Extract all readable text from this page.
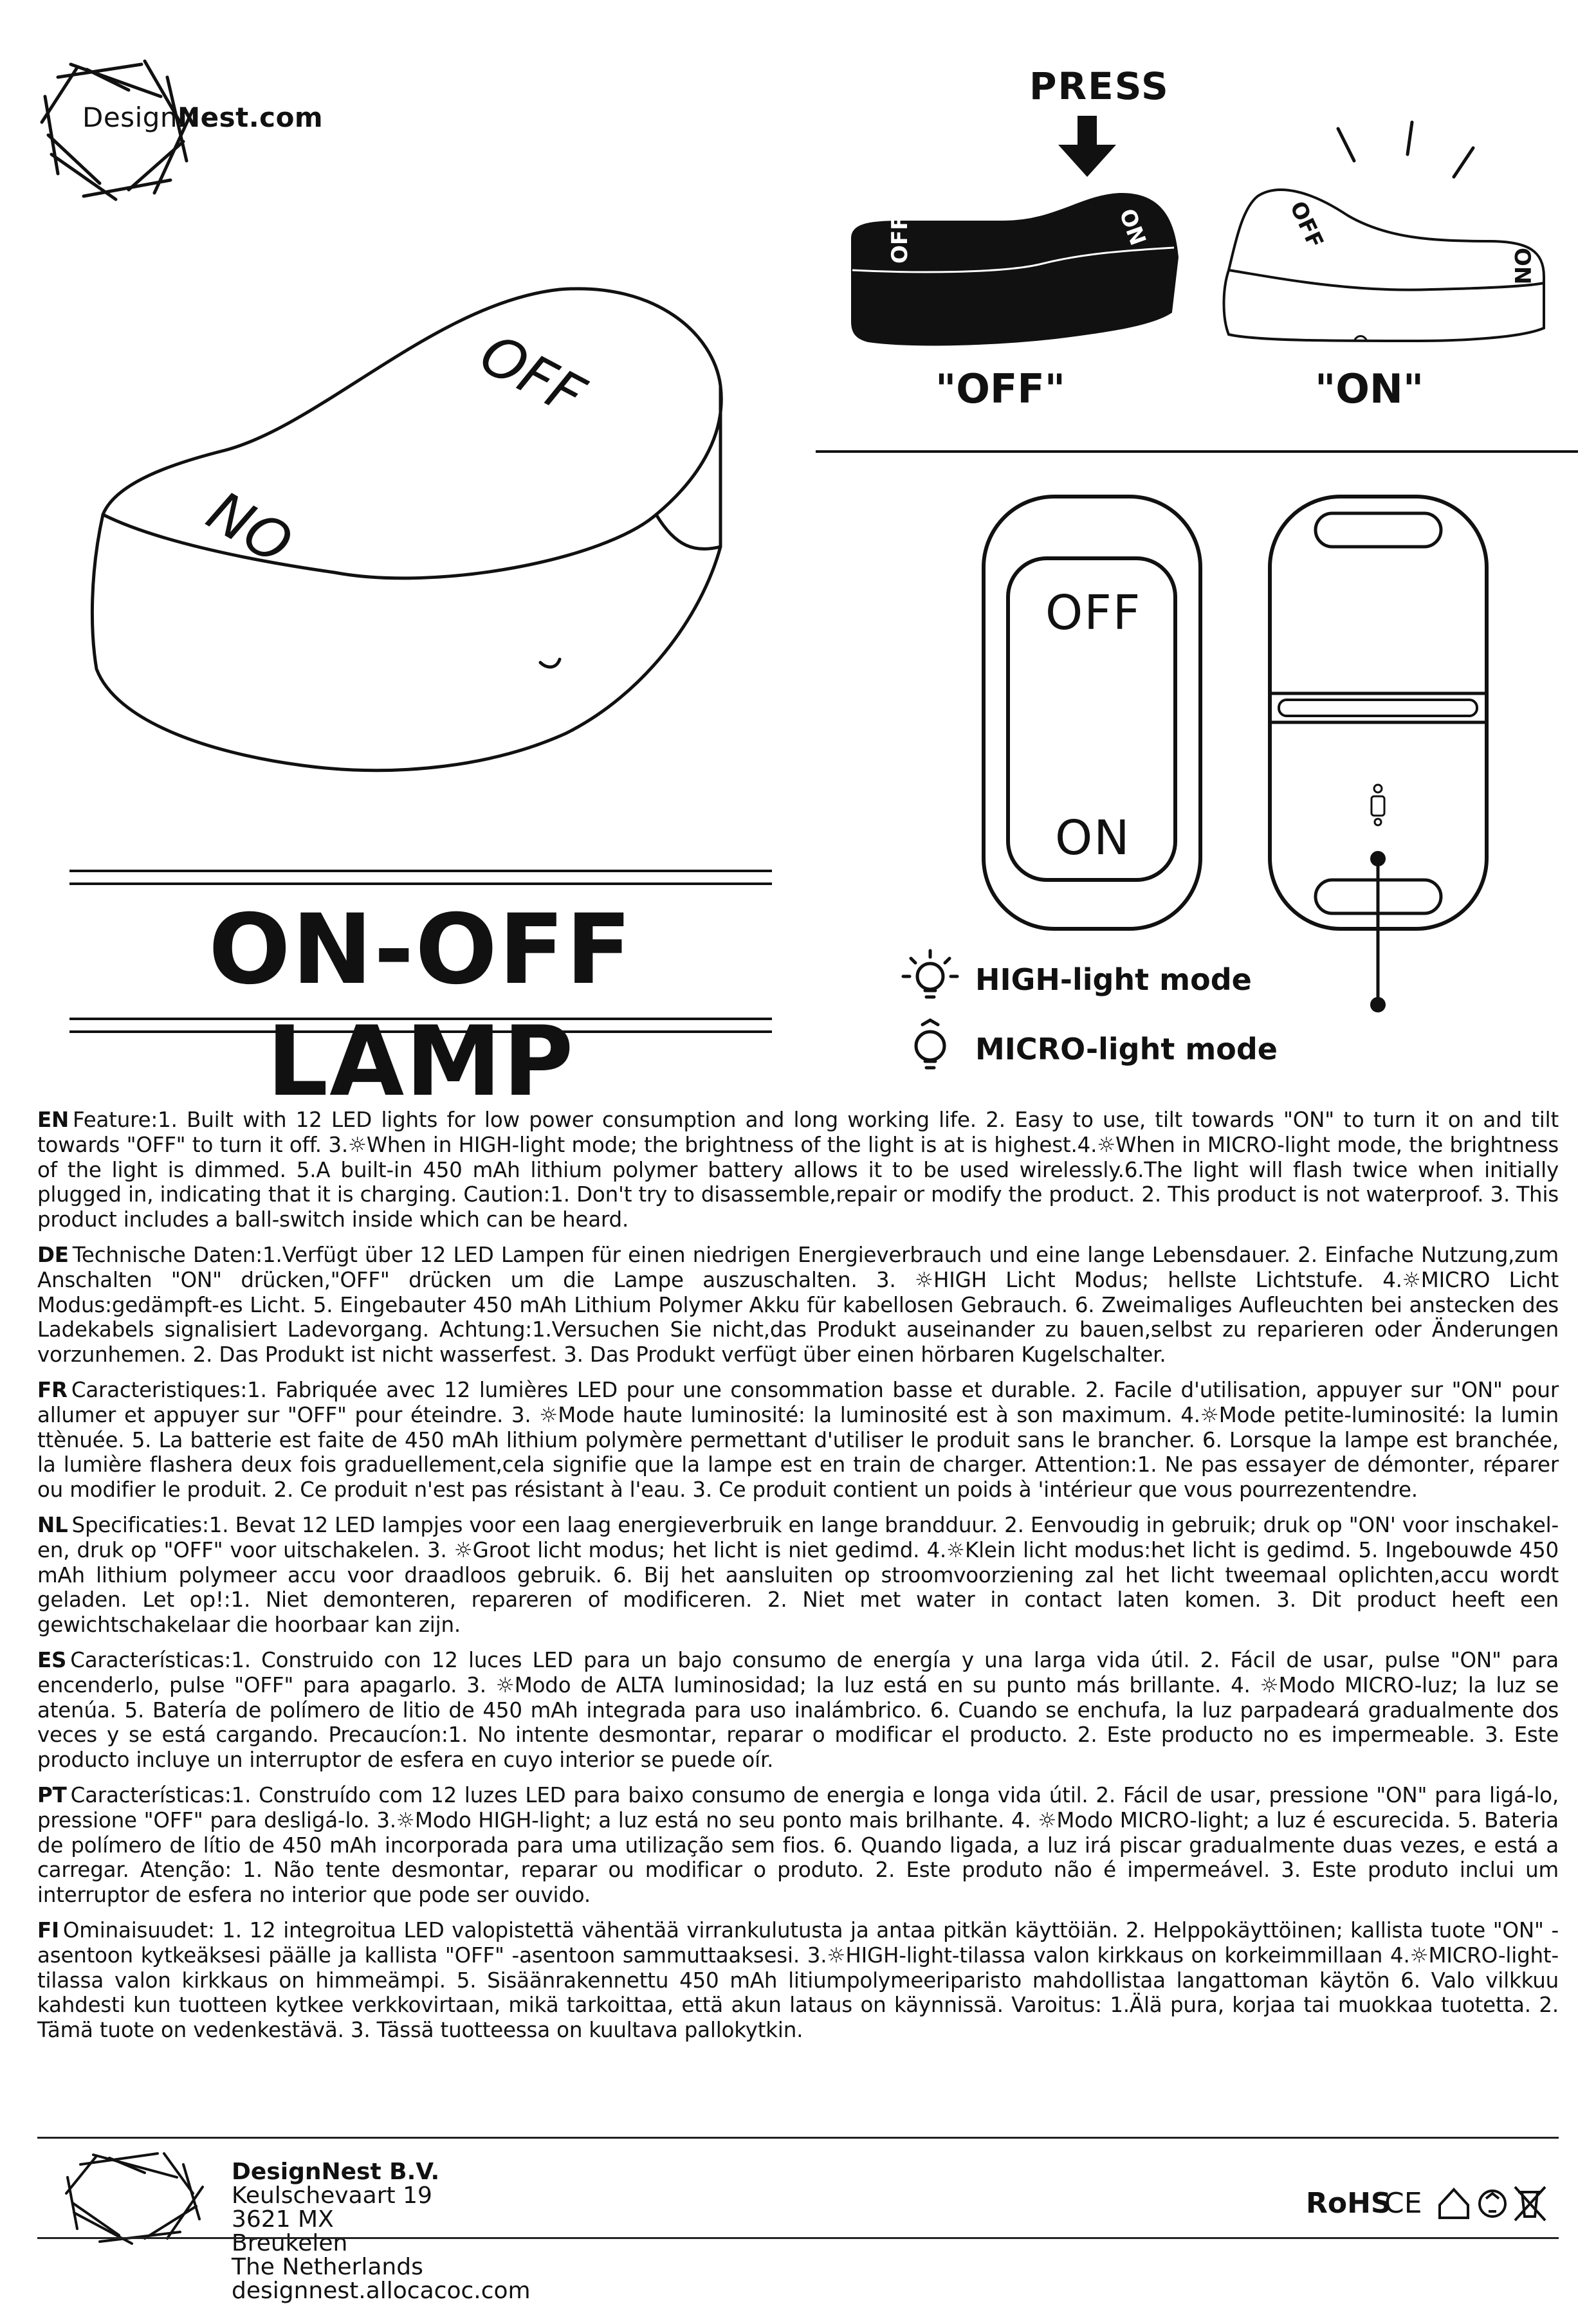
DesignNest.com
OFF
ON
PRESS
OFF	ON	OFF
ON
"OFF"	"ON"
OFF
ON
HIGH-light mode
MICRO-light mode
ON-OFF LAMP

EN Feature:1. Built with 12 LED lights for low power consumption and long working life. 2. Easy to use, tilt towards "ON" to turn it on and tilt towards "OFF" to turn it off. 3.☼When in HIGH-light mode; the brightness of the light is at is highest.4.☼When in MICRO-light mode, the brightness of the light is dimmed. 5.A built-in 450 mAh lithium polymer battery allows it to be used wirelessly.6.The light will flash twice when initially plugged in, indicating that it is charging. Caution:1. Don't try to disassemble,repair or modify the product. 2. This product is not waterproof. 3. This product includes a ball-switch inside which can be heard.

DE Technische Daten:1.Verfügt über 12 LED Lampen für einen niedrigen Energieverbrauch und eine lange Lebensdauer. 2. Einfache Nutzung,zum Anschalten "ON" drücken,"OFF" drücken um die Lampe auszuschalten. 3. ☼HIGH Licht Modus; hellste Lichtstufe. 4.☼MICRO Licht Modus:gedämpft-es Licht. 5. Eingebauter 450 mAh Lithium Polymer Akku für kabellosen Gebrauch. 6. Zweimaliges Aufleuchten bei anstecken des Ladekabels signalisiert Ladevorgang. Achtung:1.Versuchen Sie nicht,das Produkt auseinander zu bauen,selbst zu reparieren oder Änderungen vorzunhemen. 2. Das Produkt ist nicht wasserfest. 3. Das Produkt verfügt über einen hörbaren Kugelschalter.

FR Caracteristiques:1. Fabriquée avec 12 lumières LED pour une consommation basse et durable. 2. Facile d'utilisation, appuyer sur "ON" pour allumer et appuyer sur "OFF" pour éteindre. 3. ☼Mode haute luminosité: la luminosité est à son maximum. 4.☼Mode petite-luminosité: la lumin ttènuée. 5. La batterie est faite de 450 mAh lithium polymère permettant d'utiliser le produit sans le brancher. 6. Lorsque la lampe est branchée, la lumière flashera deux fois graduellement,cela signifie que la lampe est en train de charger. Attention:1. Ne pas essayer de démonter, réparer ou modifier le produit. 2. Ce produit n'est pas résistant à l'eau. 3. Ce produit contient un poids à 'intérieur que vous pourrezentendre.

NL Specificaties:1. Bevat 12 LED lampjes voor een laag energieverbruik en lange brandduur. 2. Eenvoudig in gebruik; druk op "ON' voor inschakel-en, druk op "OFF" voor uitschakelen. 3. ☼Groot licht modus; het licht is niet gedimd. 4.☼Klein licht modus:het licht is gedimd. 5. Ingebouwde 450 mAh lithium polymeer accu voor draadloos gebruik. 6. Bij het aansluiten op stroomvoorziening zal het licht tweemaal oplichten,accu wordt geladen. Let op!:1. Niet demonteren, repareren of modificeren. 2. Niet met water in contact laten komen. 3. Dit product heeft een gewichtschakelaar die hoorbaar kan zijn.

ES Características:1. Construido con 12 luces LED para un bajo consumo de energía y una larga vida útil. 2. Fácil de usar, pulse "ON" para encenderlo, pulse "OFF" para apagarlo. 3. ☼Modo de ALTA luminosidad; la luz está en su punto más brillante. 4. ☼Modo MICRO-luz; la luz se atenúa. 5. Batería de polímero de litio de 450 mAh integrada para uso inalámbrico. 6. Cuando se enchufa, la luz parpadeará gradualmente dos veces y se está cargando. Precaucíon:1. No intente desmontar, reparar o modificar el producto. 2. Este producto no es impermeable. 3. Este producto incluye un interruptor de esfera en cuyo interior se puede oír.

PT Características:1. Construído com 12 luzes LED para baixo consumo de energia e longa vida útil. 2. Fácil de usar, pressione "ON" para ligá-lo, pressione "OFF" para desligá-lo. 3.☼Modo HIGH-light; a luz está no seu ponto mais brilhante. 4. ☼Modo MICRO-light; a luz é escurecida. 5. Bateria de polímero de lítio de 450 mAh incorporada para uma utilização sem fios. 6. Quando ligada, a luz irá piscar gradualmente duas vezes, e está a carregar. Atenção: 1. Não tente desmontar, reparar ou modificar o produto. 2. Este produto não é impermeável. 3. Este produto inclui um interruptor de esfera no interior que pode ser ouvido.

FI Ominaisuudet: 1. 12 integroitua LED valopistettä vähentää virrankulutusta ja antaa pitkän käyttöiän. 2. Helppokäyttöinen; kallista tuote "ON" -asentoon kytkeäksesi päälle ja kallista "OFF" -asentoon sammuttaaksesi. 3.☼HIGH-light-tilassa valon kirkkaus on korkeimmillaan 4.☼MICRO-light-tilassa valon kirkkaus on himmeämpi. 5. Sisäänrakennettu 450 mAh litiumpolymeeriparisto mahdollistaa langattoman käytön 6. Valo vilkkuu kahdesti kun tuotteen kytkee verkkovirtaan, mikä tarkoittaa, että akun lataus on käynnissä. Varoitus: 1.Älä pura, korjaa tai muokkaa tuotetta. 2. Tämä tuote on vedenkestävä. 3. Tässä tuotteessa on kuultava pallokytkin.

DesignNest B.V.
Keulschevaart 19
3621 MX
Breukelen
The Netherlands
designnest.allocacoc.com
RoHS
CE
